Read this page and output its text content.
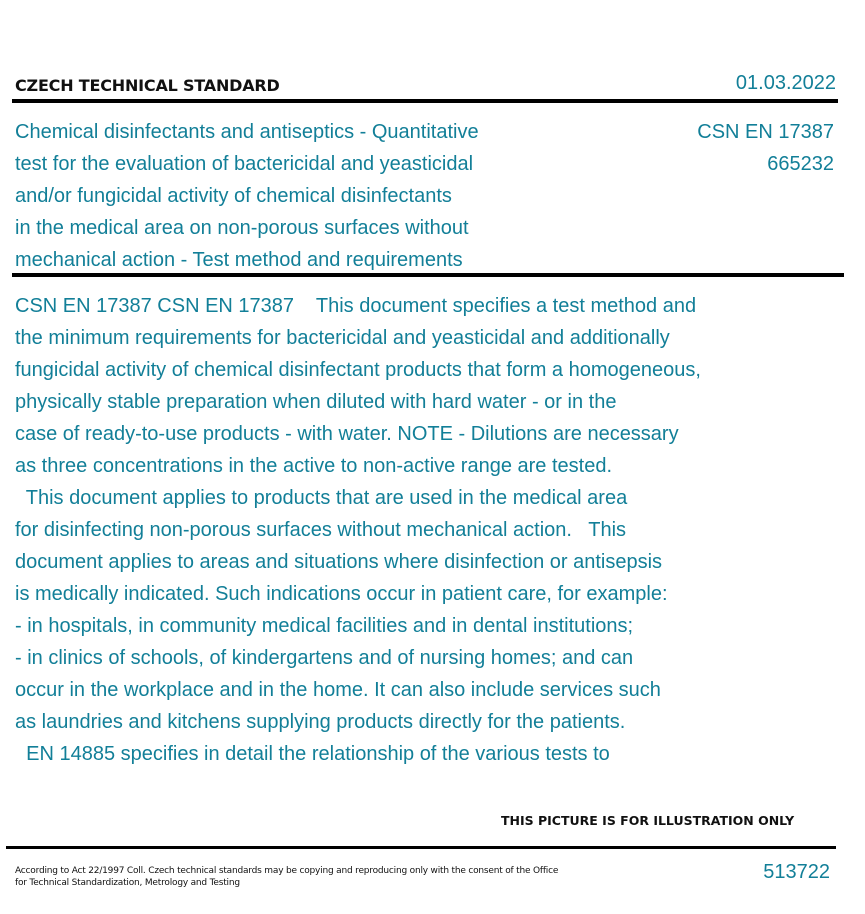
CZECH TECHNICAL STANDARD	01.03.2022
Chemical disinfectants and antiseptics - Quantitative
test for the evaluation of bactericidal and yeasticidal
and/or fungicidal activity of chemical disinfectants
in the medical area on non-porous surfaces without
mechanical action - Test method and requirements
CSN EN 17387
665232
CSN EN 17387 CSN EN 17387    This document specifies a test method and
the minimum requirements for bactericidal and yeasticidal and additionally
fungicidal activity of chemical disinfectant products that form a homogeneous,
physically stable preparation when diluted with hard water - or in the
case of ready-to-use products - with water. NOTE - Dilutions are necessary
as three concentrations in the active to non-active range are tested.
This document applies to products that are used in the medical area
for disinfecting non-porous surfaces without mechanical action.   This
document applies to areas and situations where disinfection or antisepsis
is medically indicated. Such indications occur in patient care, for example:
- in hospitals, in community medical facilities and in dental institutions;
- in clinics of schools, of kindergartens and of nursing homes; and can
occur in the workplace and in the home. It can also include services such
as laundries and kitchens supplying products directly for the patients.
EN 14885 specifies in detail the relationship of the various tests to
THIS PICTURE IS FOR ILLUSTRATION ONLY
According to Act 22/1997 Coll. Czech technical standards may be copying and reproducing only with the consent of the Office
for Technical Standardization, Metrology and Testing	513722
